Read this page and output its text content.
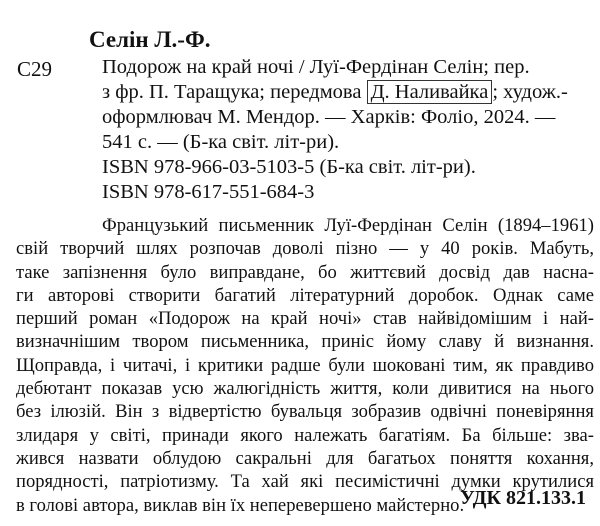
Селін Л.-Ф.
С29 Подорож на край ночі / Луї-Фердінан Селін; пер.
з фр. П. Таращука; передмова Д. Наливайка ; худож.-
оформлювач М. Мендор. — Харків: Фоліо, 2024. —
541 с. — (Б-ка світ. літ-ри).
ISBN 978-966-03-5103-5 (Б-ка світ. літ-ри).
ISBN 978-617-551-684-3
Французький письменник Луї-Фердінан Селін (1894–1961)
свій творчий шлях розпочав доволі пізно — у 40 років. Мабуть,
таке запізнення було виправдане, бо життєвий досвід дав насна-
ги авторові створити багатий літературний доробок. Однак саме
перший роман «Подорож на край ночі» став найвідомішим і най-
визначнішим твором письменника, приніс йому славу й визнання.
Щоправда, і читачі, і критики радше були шоковані тим, як правдиво
дебютант показав усю жалюгідність життя, коли дивитися на нього
без ілюзій. Він з відвертістю бувальця зобразив одвічні поневіряння
злидаря у світі, принади якого належать багатіям. Ба більше: зва-
жився назвати облудою сакральні для багатьох поняття кохання,
порядності, патріотизму. Та хай які песимістичні думки крутилися
в голові автора, виклав він їх неперевершено майстерно.
УДК 821.133.1
